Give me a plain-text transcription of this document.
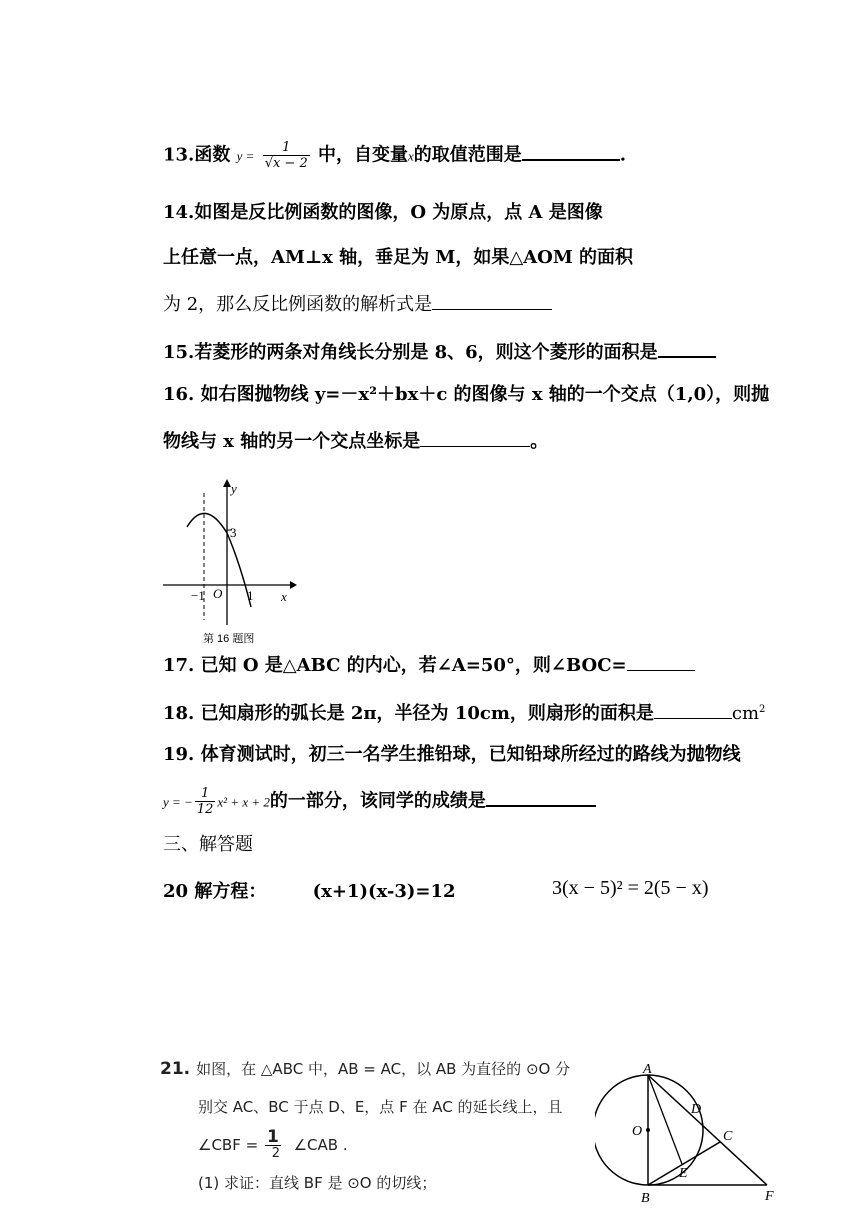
13.函数 $y = \frac{1}{√x - 2}$ 中，自变量x的取值范围是	.
14.如图是反比例函数的图像，O 为原点，点 A 是图像
上任意一点，AM⊥x 轴，垂足为 M，如果△AOM 的面积
为 2，那么反比例函数的解析式是
15.若菱形的两条对角线长分别是 8、6，则这个菱形的面积是
16. 如右图抛物线 y=－x²＋bx＋c 的图像与 x 轴的一个交点（1,0），则抛
物线与 x 轴的另一个交点坐标是	。
3
y
x
O
−1	1
第 16 题图
17. 已知 O 是△ABC 的内心，若∠A=50°，则∠BOC=
18. 已知扇形的弧长是 2π，半径为 10cm，则扇形的面积是	$cm^2$
19. 体育测试时，初三一名学生推铅球，已知铅球所经过的路线为抛物线
y = − $\frac{1}{12} x^2 + x + 2$的一部分，该同学的成绩是
三、解答题
20 解方程：	(x+1)(x-3)=12	3(x − 5)² = 2(5 − x)
21. 如图，在 △ABC 中，AB = AC，以 AB 为直径的 ⊙O 分
别交 AC、BC 于点 D、E，点 F 在 AC 的延长线上，且
∠CBF = $\frac{1}{2}$ ∠CAB .
(1) 求证：直线 BF 是 ⊙O 的切线；
A
B
C
D
E
F
O
